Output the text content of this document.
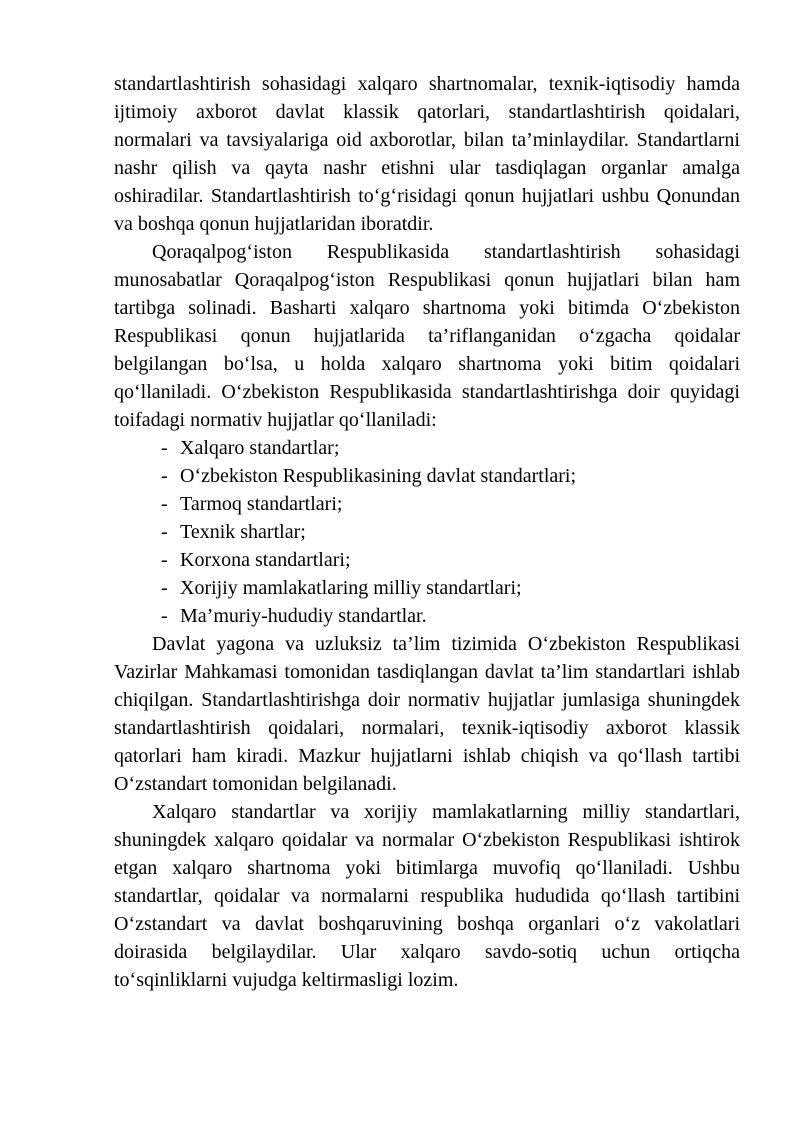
standartlashtirish sohasidagi xalqaro shartnomalar, texnik-iqtisodiy hamda ijtimoiy axborot davlat klassik qatorlari, standartlashtirish qoidalari, normalari va tavsiyalariga oid axborotlar, bilan ta’minlaydilar. Standartlarni nashr qilish va qayta nashr etishni ular tasdiqlagan organlar amalga oshiradilar. Standartlashtirish to‘g‘risidagi qonun hujjatlari ushbu Qonundan va boshqa qonun hujjatlaridan iboratdir.

Qoraqalpog‘iston Respublikasida standartlashtirish sohasidagi munosabatlar Qoraqalpog‘iston Respublikasi qonun hujjatlari bilan ham tartibga solinadi. Basharti xalqaro shartnoma yoki bitimda O‘zbekiston Respublikasi qonun hujjatlarida ta’riflanganidan o‘zgacha qoidalar belgilangan bo‘lsa, u holda xalqaro shartnoma yoki bitim qoidalari qo‘llaniladi. O‘zbekiston Respublikasida standartlashtirishga doir quyidagi toifadagi normativ hujjatlar qo‘llaniladi:

- Xalqaro standartlar;
- O‘zbekiston Respublikasining davlat standartlari;
- Tarmoq standartlari;
- Texnik shartlar;
- Korxona standartlari;
- Xorijiy mamlakatlaring milliy standartlari;
- Ma’muriy-hududiy standartlar.

Davlat yagona va uzluksiz ta’lim tizimida O‘zbekiston Respublikasi Vazirlar Mahkamasi tomonidan tasdiqlangan davlat ta’lim standartlari ishlab chiqilgan. Standartlashtirishga doir normativ hujjatlar jumlasiga shuningdek standartlashtirish qoidalari, normalari, texnik-iqtisodiy axborot klassik qatorlari ham kiradi. Mazkur hujjatlarni ishlab chiqish va qo‘llash tartibi O‘zstandart tomonidan belgilanadi.

Xalqaro standartlar va xorijiy mamlakatlarning milliy standartlari, shuningdek xalqaro qoidalar va normalar O‘zbekiston Respublikasi ishtirok etgan xalqaro shartnoma yoki bitimlarga muvofiq qo‘llaniladi. Ushbu standartlar, qoidalar va normalarni respublika hududida qo‘llash tartibini O‘zstandart va davlat boshqaruvining boshqa organlari o‘z vakolatlari doirasida belgilaydilar. Ular xalqaro savdo-sotiq uchun ortiqcha to‘sqinliklarni vujudga keltirmasligi lozim.
